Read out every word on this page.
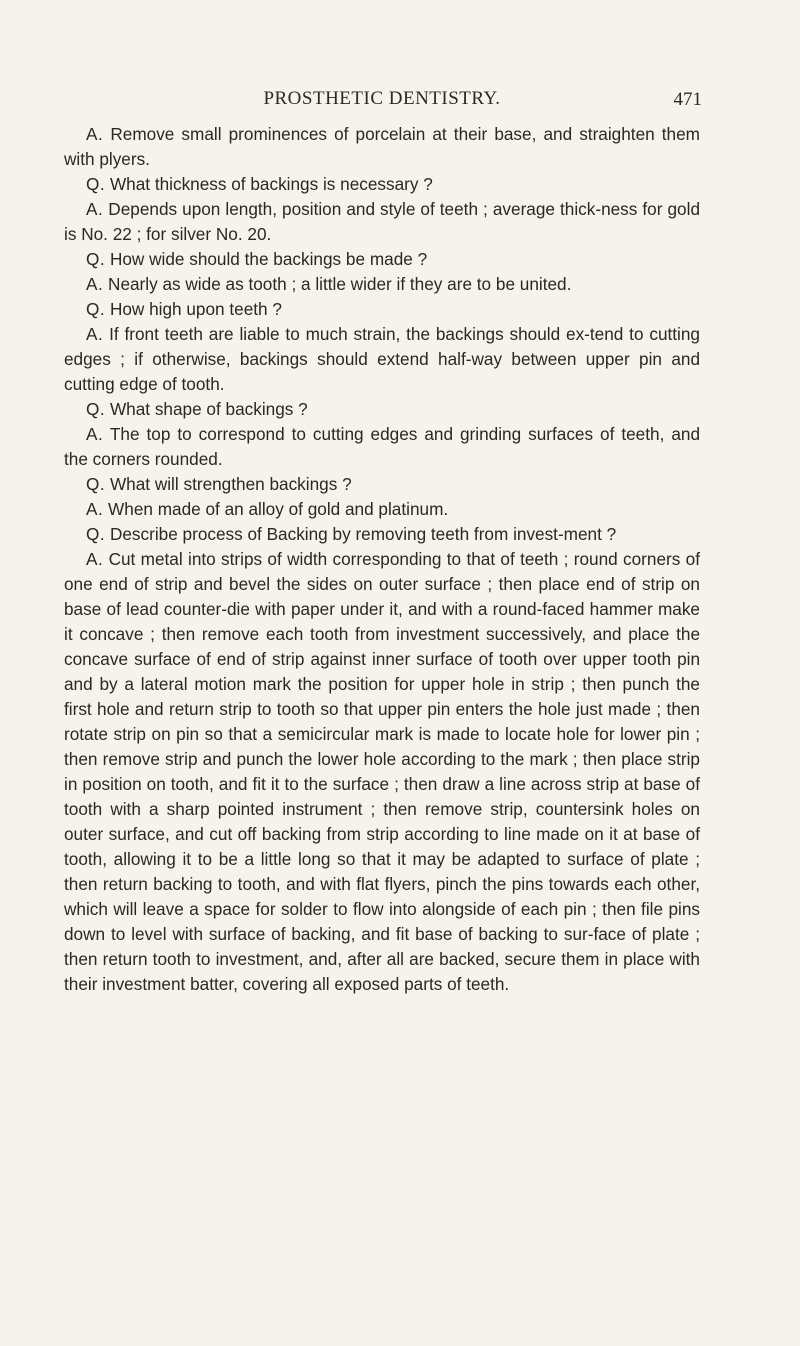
PROSTHETIC DENTISTRY.	471

A. Remove small prominences of porcelain at their base, and straighten them with plyers.

Q. What thickness of backings is necessary ?

A. Depends upon length, position and style of teeth ; average thick-ness for gold is No. 22 ; for silver No. 20.

Q. How wide should the backings be made ?

A. Nearly as wide as tooth ; a little wider if they are to be united.

Q. How high upon teeth ?

A. If front teeth are liable to much strain, the backings should ex-tend to cutting edges ; if otherwise, backings should extend half-way between upper pin and cutting edge of tooth.

Q. What shape of backings ?

A. The top to correspond to cutting edges and grinding surfaces of teeth, and the corners rounded.

Q. What will strengthen backings ?

A. When made of an alloy of gold and platinum.

Q. Describe process of Backing by removing teeth from invest-ment ?

A. Cut metal into strips of width corresponding to that of teeth ; round corners of one end of strip and bevel the sides on outer surface ; then place end of strip on base of lead counter-die with paper under it, and with a round-faced hammer make it concave ; then remove each tooth from investment successively, and place the concave surface of end of strip against inner surface of tooth over upper tooth pin and by a lateral motion mark the position for upper hole in strip ; then punch the first hole and return strip to tooth so that upper pin enters the hole just made ; then rotate strip on pin so that a semicircular mark is made to locate hole for lower pin ; then remove strip and punch the lower hole according to the mark ; then place strip in position on tooth, and fit it to the surface ; then draw a line across strip at base of tooth with a sharp pointed instrument ; then remove strip, countersink holes on outer surface, and cut off backing from strip according to line made on it at base of tooth, allowing it to be a little long so that it may be adapted to surface of plate ; then return backing to tooth, and with flat flyers, pinch the pins towards each other, which will leave a space for solder to flow into alongside of each pin ; then file pins down to level with surface of backing, and fit base of backing to sur-face of plate ; then return tooth to investment, and, after all are backed, secure them in place with their investment batter, covering all exposed parts of teeth.
